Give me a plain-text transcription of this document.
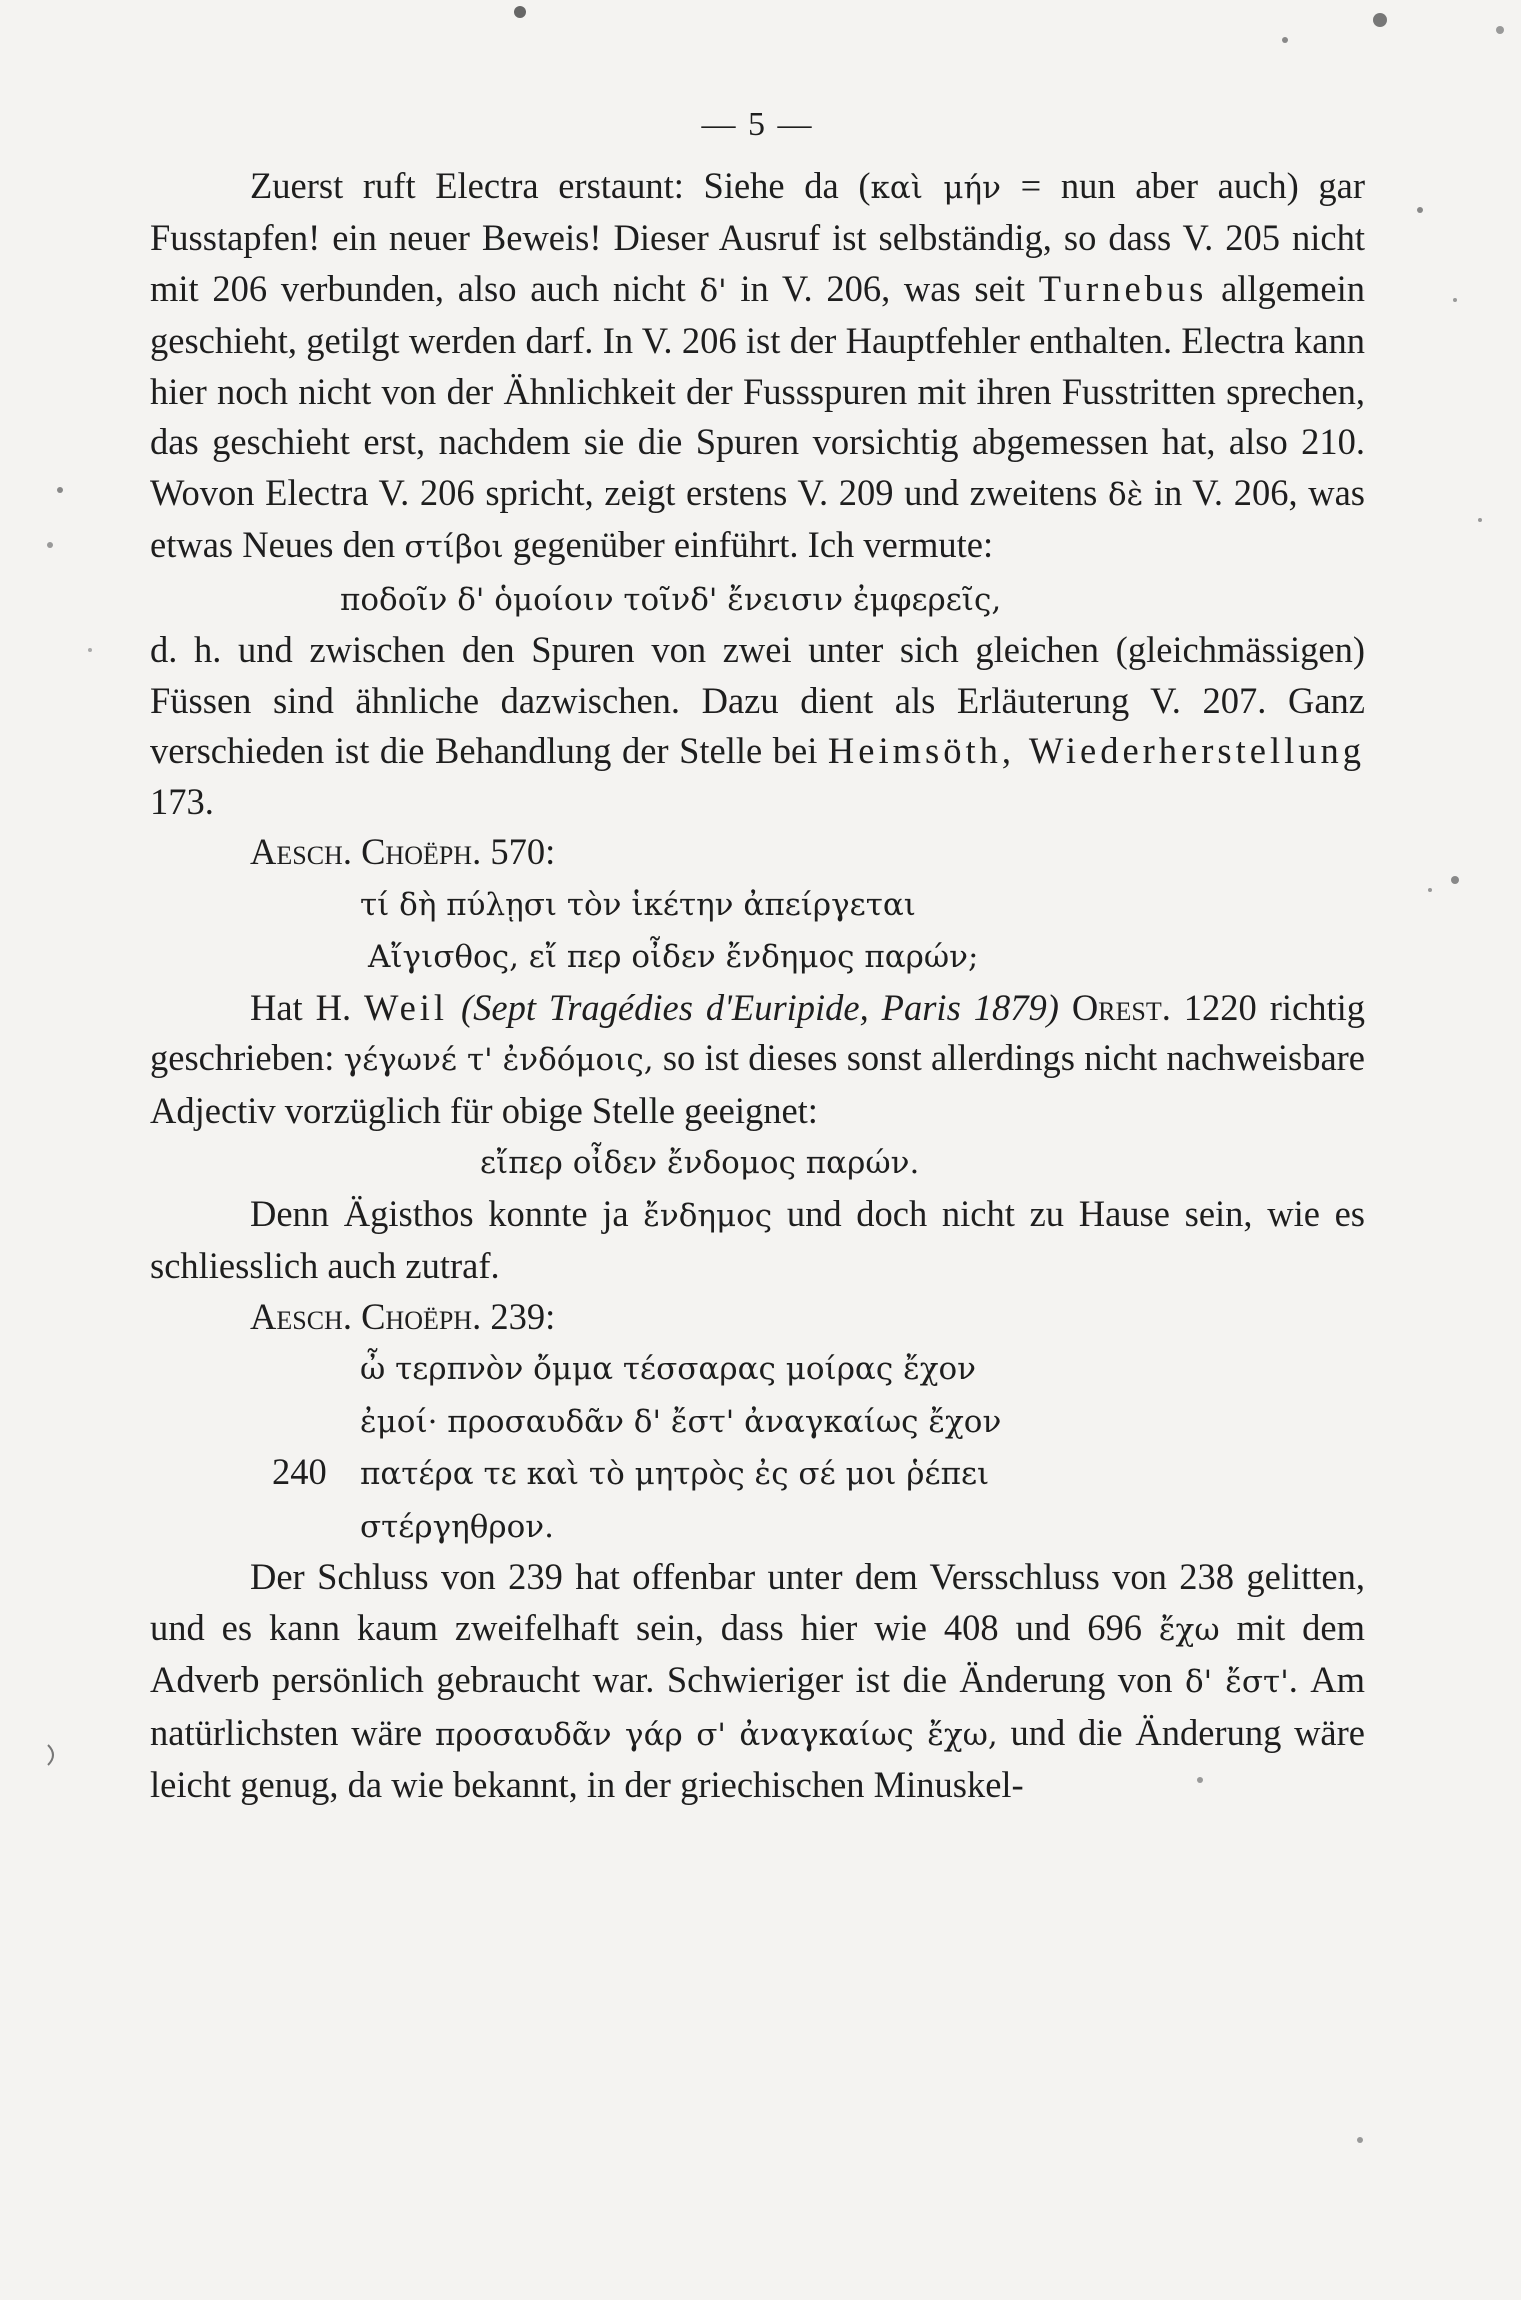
— 5 —
Zuerst ruft Electra erstaunt: Siehe da (καὶ μήν = nun aber auch) gar Fusstapfen! ein neuer Beweis! Dieser Ausruf ist selbständig, so dass V. 205 nicht mit 206 verbunden, also auch nicht δ' in V. 206, was seit Turnebus allgemein geschieht, getilgt werden darf. In V. 206 ist der Hauptfehler enthalten. Electra kann hier noch nicht von der Ähnlichkeit der Fussspuren mit ihren Fusstritten sprechen, das geschieht erst, nachdem sie die Spuren vorsichtig abgemessen hat, also 210. Wovon Electra V. 206 spricht, zeigt erstens V. 209 und zweitens δὲ in V. 206, was etwas Neues den στίβοι gegenüber einführt. Ich vermute:
ποδοῖν δ' ὁμοίοιν τοῖνδ' ἔνεισιν ἐμφερεῖς,
d. h. und zwischen den Spuren von zwei unter sich gleichen (gleichmässigen) Füssen sind ähnliche dazwischen. Dazu dient als Erläuterung V. 207. Ganz verschieden ist die Behandlung der Stelle bei Heimsöth, Wiederherstellung 173.
Aesch. Choëph. 570:
τί δὴ πύλῃσι τὸν ἱκέτην ἀπείργεται
Αἴγισθος, εἴ περ οἶδεν ἔνδημος παρών;
Hat H. Weil (Sept Tragédies d'Euripide, Paris 1879) Orest. 1220 richtig geschrieben: γέγωνέ τ' ἐνδόμοις, so ist dieses sonst allerdings nicht nachweisbare Adjectiv vorzüglich für obige Stelle geeignet:
εἴπερ οἶδεν ἔνδομος παρών.
Denn Ägisthos konnte ja ἔνδημος und doch nicht zu Hause sein, wie es schliesslich auch zutraf.
Aesch. Choëph. 239:
ὦ τερπνὸν ὄμμα τέσσαρας μοίρας ἔχον
ἐμοί· προσαυδᾶν δ' ἔστ' ἀναγκαίως ἔχον
240 πατέρα τε καὶ τὸ μητρὸς ἐς σέ μοι ῥέπει
στέργηθρον.
Der Schluss von 239 hat offenbar unter dem Versschluss von 238 gelitten, und es kann kaum zweifelhaft sein, dass hier wie 408 und 696 ἔχω mit dem Adverb persönlich gebraucht war. Schwieriger ist die Änderung von δ' ἔστ'. Am natürlichsten wäre προσαυδᾶν γάρ σ' ἀναγκαίως ἔχω, und die Änderung wäre leicht genug, da wie bekannt, in der griechischen Minuskel-
